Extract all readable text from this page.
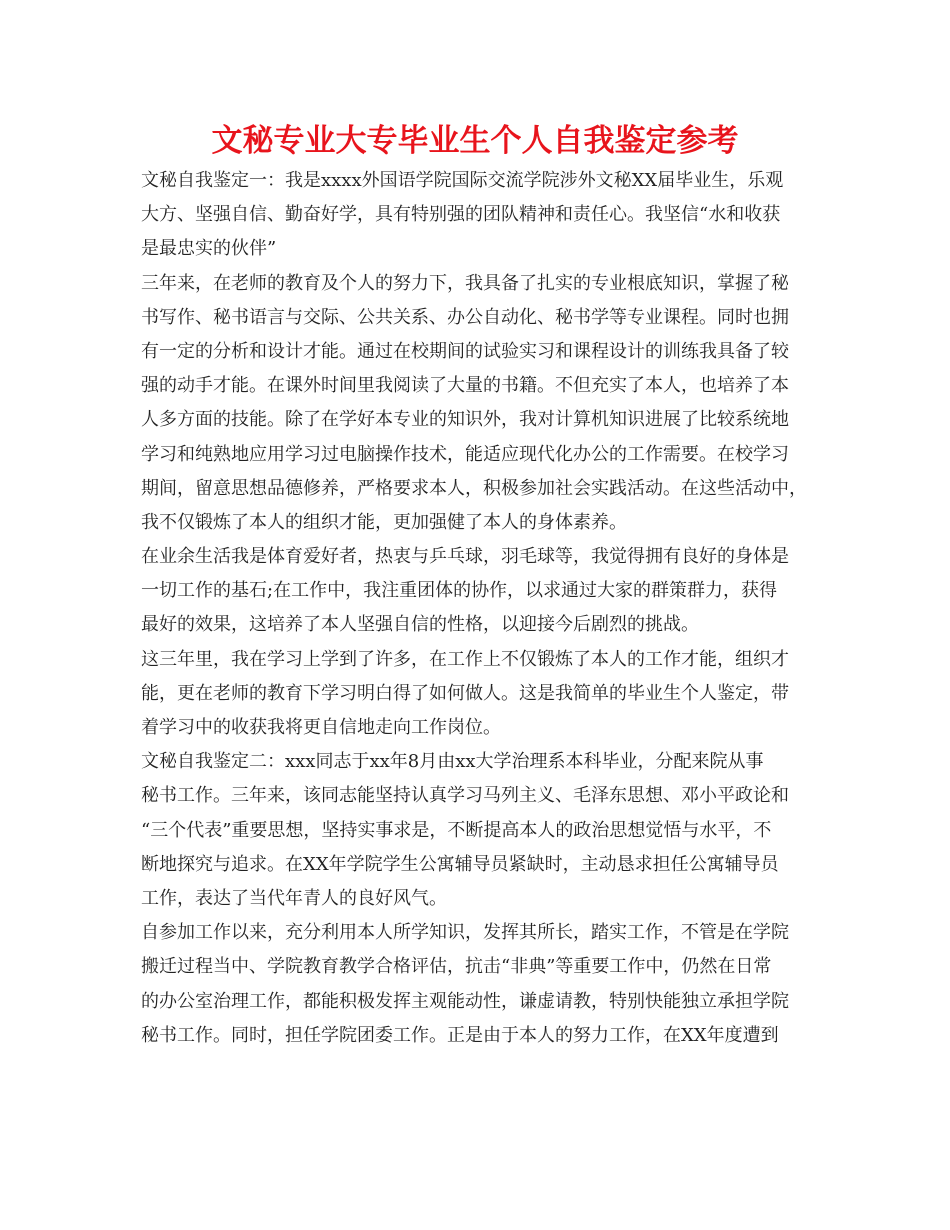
文秘专业大专毕业生个人自我鉴定参考
文秘自我鉴定一：我是xxxx外国语学院国际交流学院涉外文秘XX届毕业生，乐观
大方、坚强自信、勤奋好学，具有特别强的团队精神和责任心。我坚信“水和收获
是最忠实的伙伴”
三年来，在老师的教育及个人的努力下，我具备了扎实的专业根底知识，掌握了秘
书写作、秘书语言与交际、公共关系、办公自动化、秘书学等专业课程。同时也拥
有一定的分析和设计才能。通过在校期间的试验实习和课程设计的训练我具备了较
强的动手才能。在课外时间里我阅读了大量的书籍。不但充实了本人，也培养了本
人多方面的技能。除了在学好本专业的知识外，我对计算机知识进展了比较系统地
学习和纯熟地应用学习过电脑操作技术，能适应现代化办公的工作需要。在校学习
期间，留意思想品德修养，严格要求本人，积极参加社会实践活动。在这些活动中，
我不仅锻炼了本人的组织才能，更加强健了本人的身体素养。
在业余生活我是体育爱好者，热衷与乒乓球，羽毛球等，我觉得拥有良好的身体是
一切工作的基石;在工作中，我注重团体的协作，以求通过大家的群策群力，获得
最好的效果，这培养了本人坚强自信的性格，以迎接今后剧烈的挑战。
这三年里，我在学习上学到了许多，在工作上不仅锻炼了本人的工作才能，组织才
能，更在老师的教育下学习明白得了如何做人。这是我简单的毕业生个人鉴定，带
着学习中的收获我将更自信地走向工作岗位。
文秘自我鉴定二：xxx同志于xx年8月由xx大学治理系本科毕业，分配来院从事
秘书工作。三年来，该同志能坚持认真学习马列主义、毛泽东思想、邓小平政论和
“三个代表”重要思想，坚持实事求是，不断提高本人的政治思想觉悟与水平，不
断地探究与追求。在XX年学院学生公寓辅导员紧缺时，主动恳求担任公寓辅导员
工作，表达了当代年青人的良好风气。
自参加工作以来，充分利用本人所学知识，发挥其所长，踏实工作，不管是在学院
搬迁过程当中、学院教育教学合格评估，抗击“非典”等重要工作中，仍然在日常
的办公室治理工作，都能积极发挥主观能动性，谦虚请教，特别快能独立承担学院
秘书工作。同时，担任学院团委工作。正是由于本人的努力工作，在XX年度遭到
